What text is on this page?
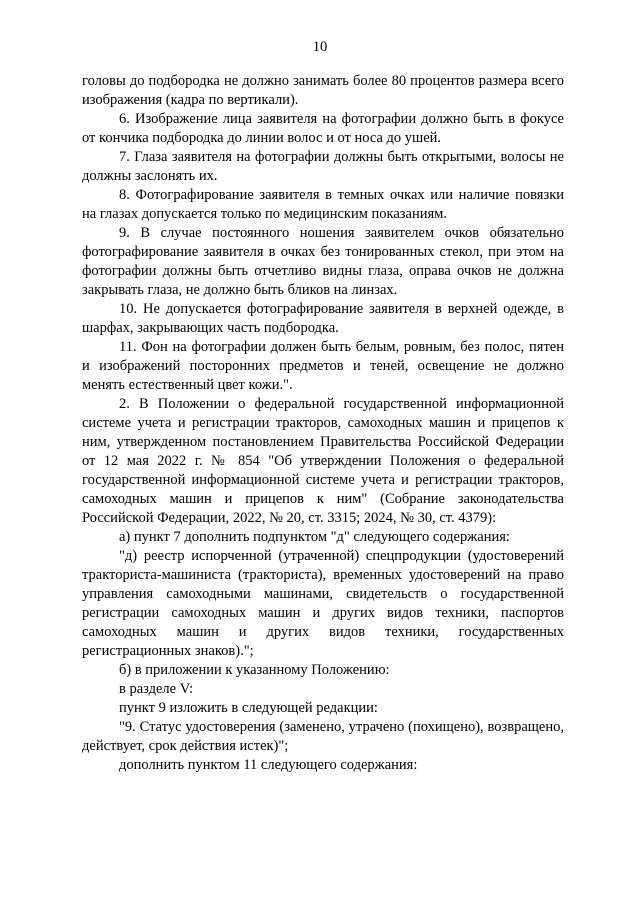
10

головы до подбородка не должно занимать более 80 процентов размера всего изображения (кадра по вертикали).

6. Изображение лица заявителя на фотографии должно быть в фокусе от кончика подбородка до линии волос и от носа до ушей.

7. Глаза заявителя на фотографии должны быть открытыми, волосы не должны заслонять их.

8. Фотографирование заявителя в темных очках или наличие повязки на глазах допускается только по медицинским показаниям.

9. В случае постоянного ношения заявителем очков обязательно фотографирование заявителя в очках без тонированных стекол, при этом на фотографии должны быть отчетливо видны глаза, оправа очков не должна закрывать глаза, не должно быть бликов на линзах.

10. Не допускается фотографирование заявителя в верхней одежде, в шарфах, закрывающих часть подбородка.

11. Фон на фотографии должен быть белым, ровным, без полос, пятен и изображений посторонних предметов и теней, освещение не должно менять естественный цвет кожи.".

2. В Положении о федеральной государственной информационной системе учета и регистрации тракторов, самоходных машин и прицепов к ним, утвержденном постановлением Правительства Российской Федерации от 12 мая 2022 г. № 854 "Об утверждении Положения о федеральной государственной информационной системе учета и регистрации тракторов, самоходных машин и прицепов к ним" (Собрание законодательства Российской Федерации, 2022, № 20, ст. 3315; 2024, № 30, ст. 4379):

а) пункт 7 дополнить подпунктом "д" следующего содержания:

"д) реестр испорченной (утраченной) спецпродукции (удостоверений тракториста-машиниста (тракториста), временных удостоверений на право управления самоходными машинами, свидетельств о государственной регистрации самоходных машин и других видов техники, паспортов самоходных машин и других видов техники, государственных регистрационных знаков).";

б) в приложении к указанному Положению:

в разделе V:

пункт 9 изложить в следующей редакции:

"9. Статус удостоверения (заменено, утрачено (похищено), возвращено, действует, срок действия истек)";

дополнить пунктом 11 следующего содержания:
